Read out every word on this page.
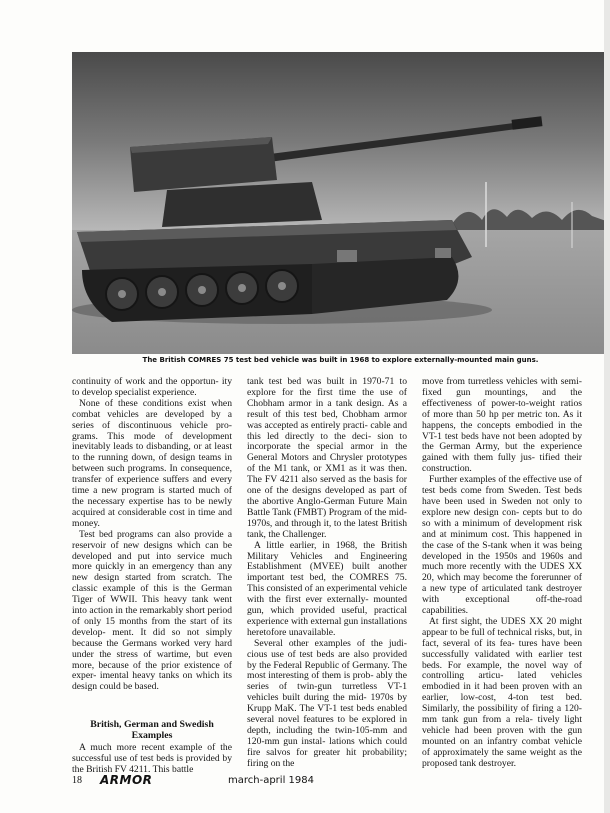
The British COMRES 75 test bed vehicle was built in 1968 to explore externally-mounted main guns.

continuity of work and the opportun- ity to develop specialist experience.

None of these conditions exist when combat vehicles are developed by a series of discontinuous vehicle pro- grams. This mode of development inevitably leads to disbanding, or at least to the running down, of design teams in between such programs. In consequence, transfer of experience suffers and every time a new program is started much of the necessary expertise has to be newly acquired at considerable cost in time and money.

Test bed programs can also provide a reservoir of new designs which can be developed and put into service much more quickly in an emergency than any new design started from scratch. The classic example of this is the German Tiger of WWII. This heavy tank went into action in the remarkably short period of only 15 months from the start of its develop- ment. It did so not simply because the Germans worked very hard under the stress of wartime, but even more, because of the prior existence of exper- imental heavy tanks on which its design could be based.

British, German and Swedish Examples

A much more recent example of the successful use of test beds is provided by the British FV 4211. This battle

tank test bed was built in 1970-71 to explore for the first time the use of Chobham armor in a tank design. As a result of this test bed, Chobham armor was accepted as entirely practi- cable and this led directly to the deci- sion to incorporate the special armor in the General Motors and Chrysler prototypes of the M1 tank, or XM1 as it was then. The FV 4211 also served as the basis for one of the designs developed as part of the abortive Anglo-German Future Main Battle Tank (FMBT) Program of the mid- 1970s, and through it, to the latest British tank, the Challenger.

A little earlier, in 1968, the British Military Vehicles and Engineering Establishment (MVEE) built another important test bed, the COMRES 75. This consisted of an experimental vehicle with the first ever externally- mounted gun, which provided useful, practical experience with external gun installations heretofore unavailable.

Several other examples of the judi- cious use of test beds are also provided by the Federal Republic of Germany. The most interesting of them is prob- ably the series of twin-gun turretless VT-1 vehicles built during the mid- 1970s by Krupp MaK. The VT-1 test beds enabled several novel features to be explored in depth, including the twin-105-mm and 120-mm gun instal- lations which could fire salvos for greater hit probability; firing on the

move from turretless vehicles with semi-fixed gun mountings, and the effectiveness of power-to-weight ratios of more than 50 hp per metric ton. As it happens, the concepts embodied in the VT-1 test beds have not been adopted by the German Army, but the experience gained with them fully jus- tified their construction.

Further examples of the effective use of test beds come from Sweden. Test beds have been used in Sweden not only to explore new design con- cepts but to do so with a minimum of development risk and at minimum cost. This happened in the case of the S-tank when it was being developed in the 1950s and 1960s and much more recently with the UDES XX 20, which may become the forerunner of a new type of articulated tank destroyer with exceptional off-the-road capabilities.

At first sight, the UDES XX 20 might appear to be full of technical risks, but, in fact, several of its fea- tures have been successfully validated with earlier test beds. For example, the novel way of controlling articu- lated vehicles embodied in it had been proven with an earlier, low-cost, 4-ton test bed. Similarly, the possibility of firing a 120-mm tank gun from a rela- tively light vehicle had been proven with the gun mounted on an infantry combat vehicle of approximately the same weight as the proposed tank destroyer.

18 ARMOR	march-april 1984
